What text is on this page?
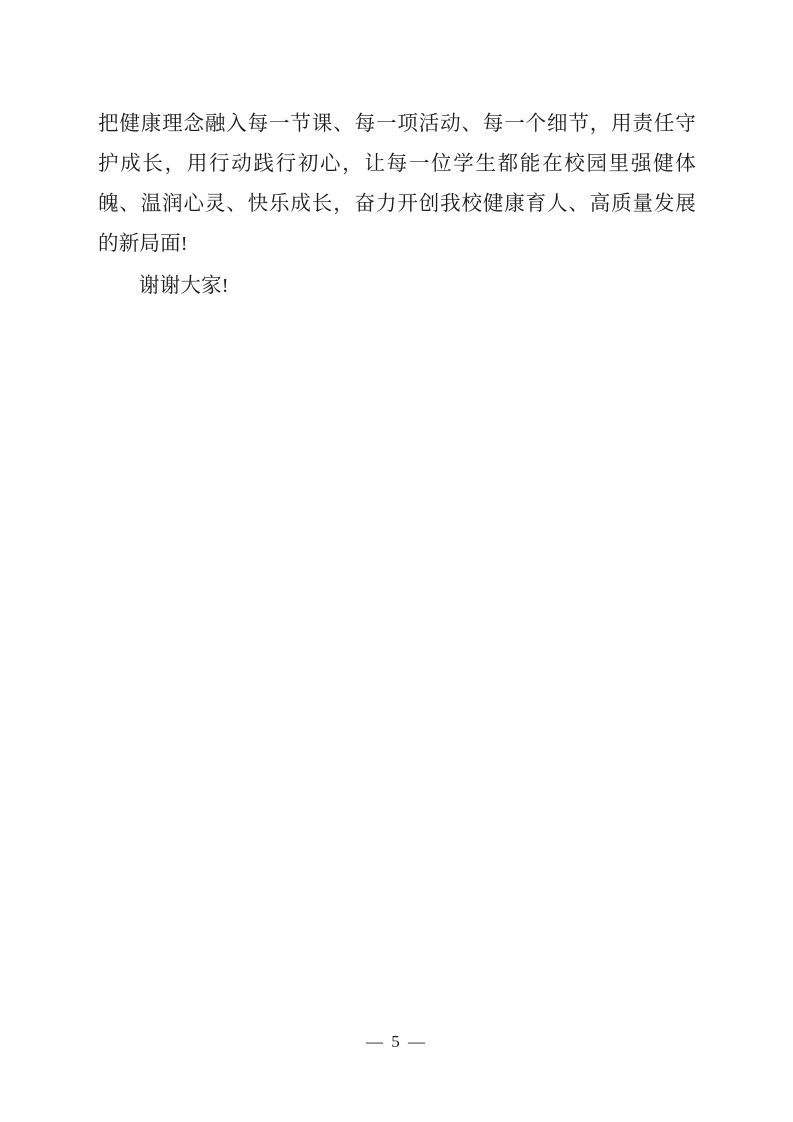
把健康理念融入每一节课、每一项活动、每一个细节，用责任守护成长，用行动践行初心，让每一位学生都能在校园里强健体魄、温润心灵、快乐成长，奋力开创我校健康育人、高质量发展的新局面!

谢谢大家!

— 5 —
